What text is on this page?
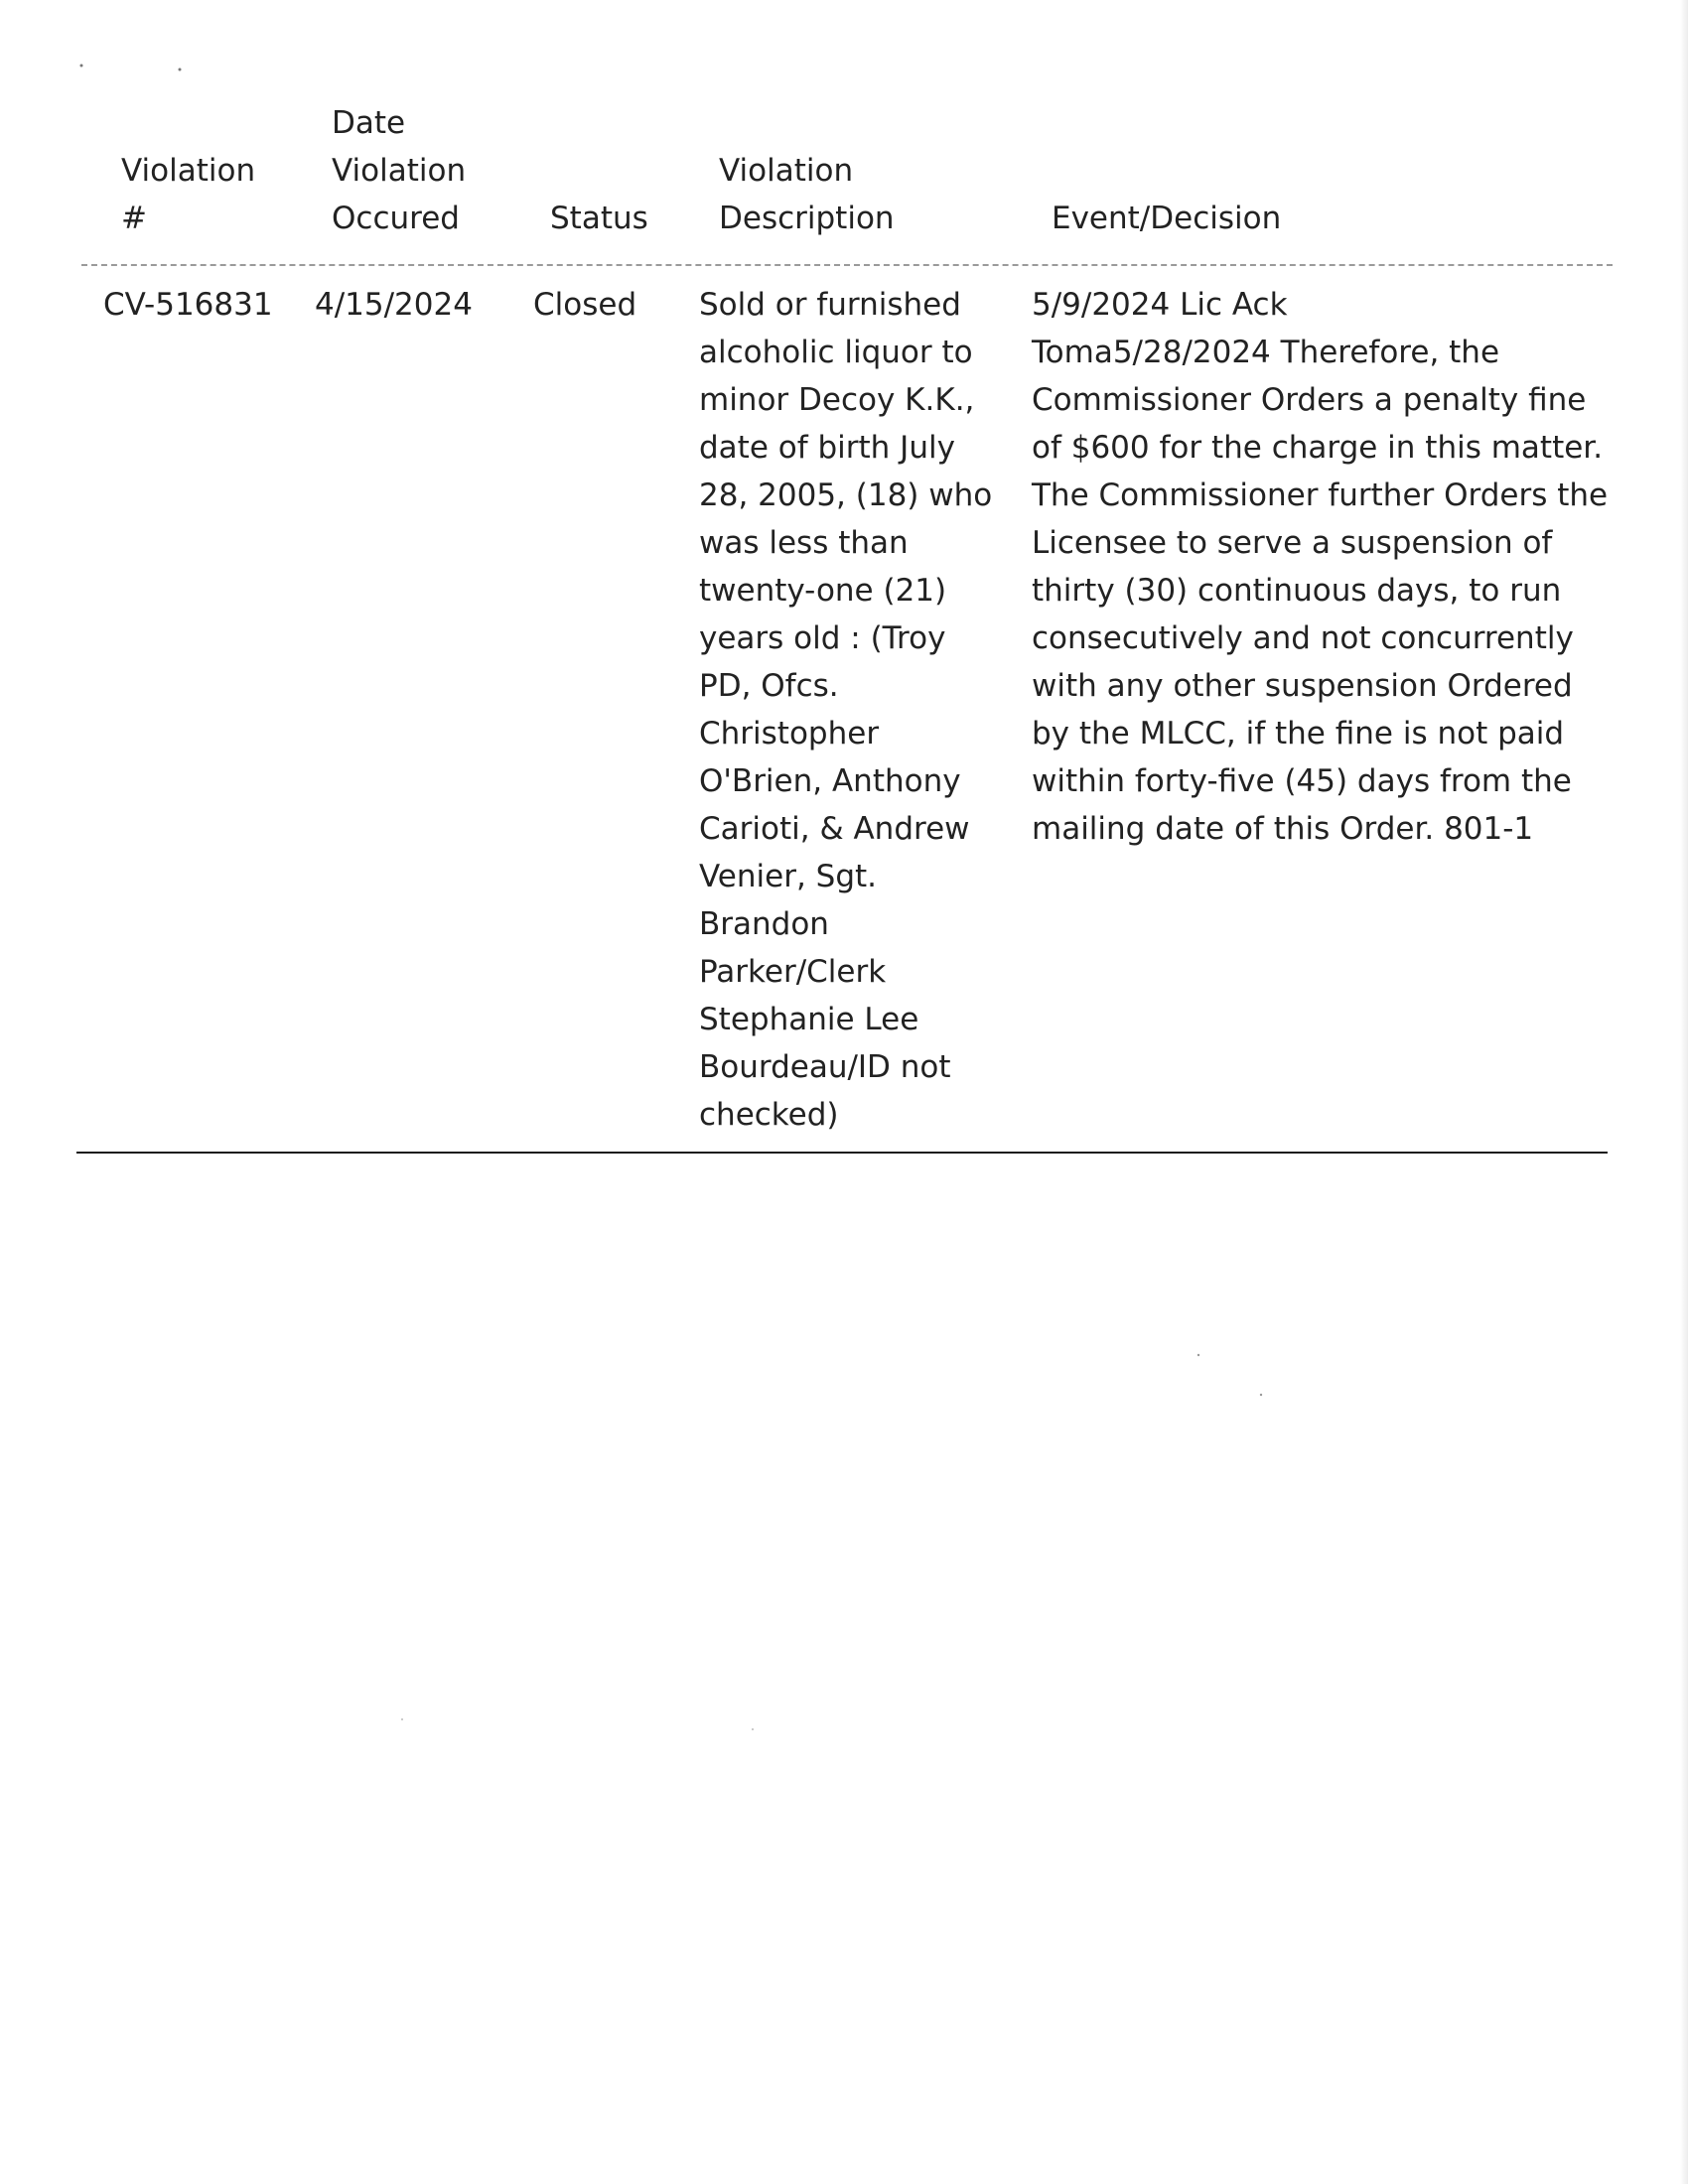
Violation
#
Date
Violation
Occured	Status
Violation
Description	Event/Decision
CV-516831 4/15/2024 Closed Sold or furnished
alcoholic liquor to
minor Decoy K.K.,
date of birth July
28, 2005, (18) who
was less than
twenty-one (21)
years old : (Troy
PD, Ofcs.
Christopher
O'Brien, Anthony
Carioti, & Andrew
Venier, Sgt.
Brandon
Parker/Clerk
Stephanie Lee
Bourdeau/ID not
checked)
5/9/2024 Lic Ack
Toma5/28/2024 Therefore, the
Commissioner Orders a penalty fine
of $600 for the charge in this matter.
The Commissioner further Orders the
Licensee to serve a suspension of
thirty (30) continuous days, to run
consecutively and not concurrently
with any other suspension Ordered
by the MLCC, if the fine is not paid
within forty-five (45) days from the
mailing date of this Order. 801-1
